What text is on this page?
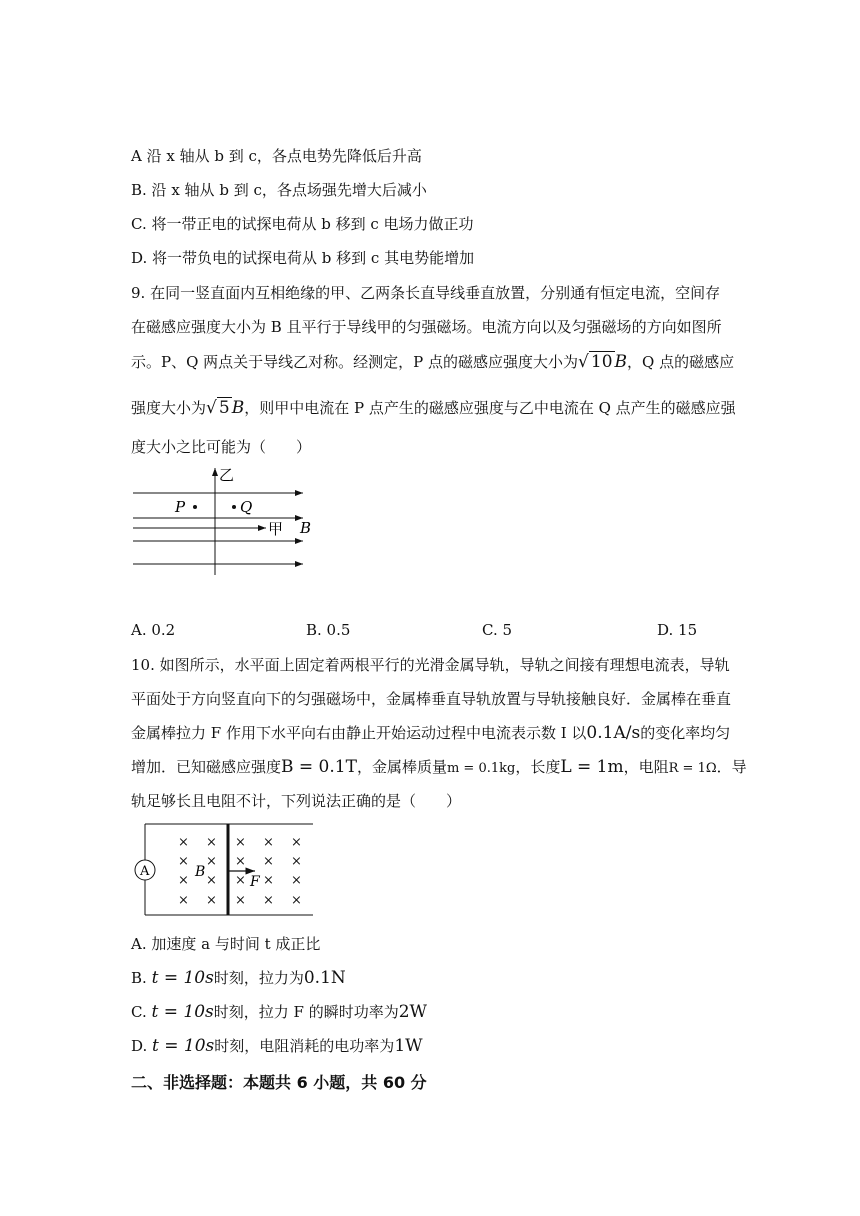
A 沿 x 轴从 b 到 c，各点电势先降低后升高
B. 沿 x 轴从 b 到 c，各点场强先增大后减小
C. 将一带正电的试探电荷从 b 移到 c 电场力做正功
D. 将一带负电的试探电荷从 b 移到 c 其电势能增加
9. 在同一竖直面内互相绝缘的甲、乙两条长直导线垂直放置，分别通有恒定电流，空间存
在磁感应强度大小为 B 且平行于导线甲的匀强磁场。电流方向以及匀强磁场的方向如图所
示。P、Q 两点关于导线乙对称。经测定，P 点的磁感应强度大小为√ 10 B，Q 点的磁感应
强度大小为√ 5 B，则甲中电流在 P 点产生的磁感应强度与乙中电流在 Q 点产生的磁感应强
度大小之比可能为（　　）
乙
甲 B
P	Q
A. 0.2	B. 0.5	C. 5	D. 15
10. 如图所示，水平面上固定着两根平行的光滑金属导轨，导轨之间接有理想电流表，导轨
平面处于方向竖直向下的匀强磁场中，金属棒垂直导轨放置与导轨接触良好．金属棒在垂直
金属棒拉力 F 作用下水平向右由静止开始运动过程中电流表示数 I 以0.1A/s的变化率均匀
增加．已知磁感应强度B = 0.1T，金属棒质量m = 0.1kg，长度L = 1m，电阻R = 1Ω．导
轨足够长且电阻不计，下列说法正确的是（　　）
A
× × × × ×
× × × × ×
× × × × ×
× × × × ×
B
F
A. 加速度 a 与时间 t 成正比
B. t = 10s时刻，拉力为0.1N
C. t = 10s时刻，拉力 F 的瞬时功率为2W
D. t = 10s时刻，电阻消耗的电功率为1W
二、非选择题：本题共 6 小题，共 60 分
